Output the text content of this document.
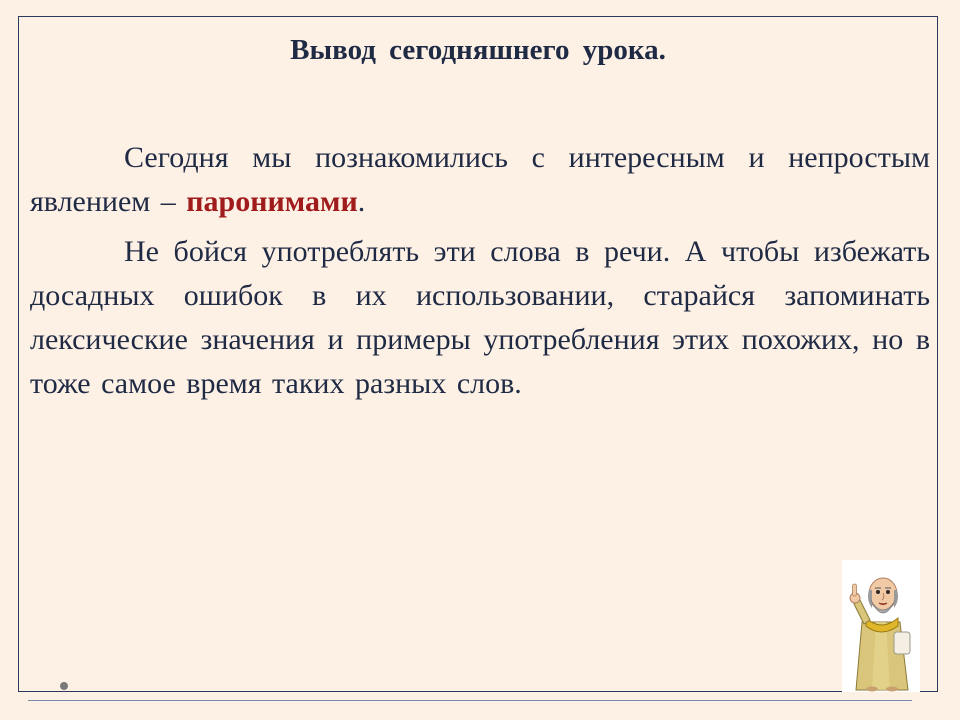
Вывод сегодняшнего урока.

Сегодня мы познакомились с интересным и непростым явлением – паронимами.

Не бойся употреблять эти слова в речи. А чтобы избежать досадных ошибок в их использовании, старайся запоминать лексические значения и примеры употребления этих похожих, но в тоже самое время таких разных слов.
